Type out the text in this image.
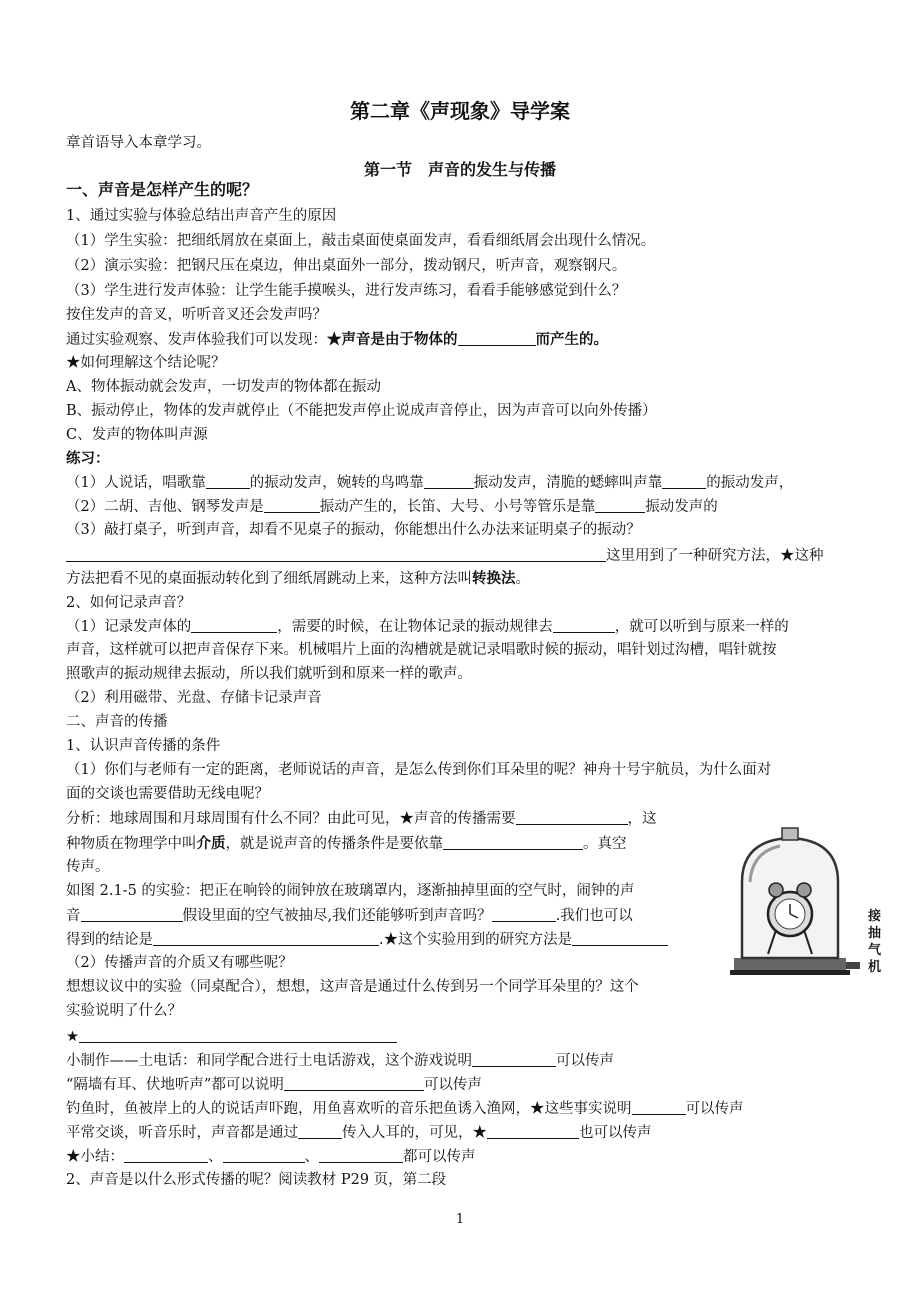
第二章《声现象》导学案
章首语导入本章学习。
第一节　声音的发生与传播
一、声音是怎样产生的呢？
1、通过实验与体验总结出声音产生的原因
（1）学生实验：把细纸屑放在桌面上，敲击桌面使桌面发声，看看细纸屑会出现什么情况。
（2）演示实验：把钢尺压在桌边，伸出桌面外一部分，拨动钢尺，听声音，观察钢尺。
（3）学生进行发声体验：让学生能手摸喉头，进行发声练习，看看手能够感觉到什么？
按住发声的音叉，听听音叉还会发声吗？
通过实验观察、发声体验我们可以发现：★声音是由于物体的	而产生的。
★如何理解这个结论呢？
A、物体振动就会发声，一切发声的物体都在振动
B、振动停止，物体的发声就停止（不能把发声停止说成声音停止，因为声音可以向外传播）
C、发声的物体叫声源
练习：
（1）人说话，唱歌靠	的振动发声，婉转的鸟鸣靠	振动发声，清脆的蟋蟀叫声靠	的振动发声，
（2）二胡、吉他、钢琴发声是	振动产生的，长笛、大号、小号等管乐是靠	振动发声的
（3）敲打桌子，听到声音，却看不见桌子的振动，你能想出什么办法来证明桌子的振动？
这里用到了一种研究方法，★这种
方法把看不见的桌面振动转化到了细纸屑跳动上来，这种方法叫转换法。
2、如何记录声音？
（1）记录发声体的	，需要的时候，在让物体记录的振动规律去	，就可以听到与原来一样的
声音，这样就可以把声音保存下来。机械唱片上面的沟槽就是就记录唱歌时候的振动，唱针划过沟槽，唱针就按
照歌声的振动规律去振动，所以我们就听到和原来一样的歌声。
（2）利用磁带、光盘、存储卡记录声音
二、声音的传播
1、认识声音传播的条件
（1）你们与老师有一定的距离，老师说话的声音，是怎么传到你们耳朵里的呢？神舟十号宇航员，为什么面对
面的交谈也需要借助无线电呢？
分析：地球周围和月球周围有什么不同？由此可见，★声音的传播需要	，这
种物质在物理学中叫介质，就是说声音的传播条件是要依靠	。真空
传声。
如图 2.1-5 的实验：把正在响铃的闹钟放在玻璃罩内，逐渐抽掉里面的空气时，闹钟的声
音	假设里面的空气被抽尽,我们还能够听到声音吗？	.我们也可以
得到的结论是	.★这个实验用到的研究方法是
（2）传播声音的介质又有哪些呢？
想想议议中的实验（同桌配合），想想，这声音是通过什么传到另一个同学耳朵里的？这个
实验说明了什么？
★
小制作——土电话：和同学配合进行土电话游戏，这个游戏说明	可以传声
“隔墙有耳、伏地听声”都可以说明	可以传声
钓鱼时，鱼被岸上的人的说话声吓跑，用鱼喜欢听的音乐把鱼诱入渔网，★这些事实说明	可以传声
平常交谈，听音乐时，声音都是通过	传入人耳的，可见，★	也可以传声
★小结：	、	、	都可以传声
2、声音是以什么形式传播的呢？阅读教材 P29 页，第二段
接抽气机
1
